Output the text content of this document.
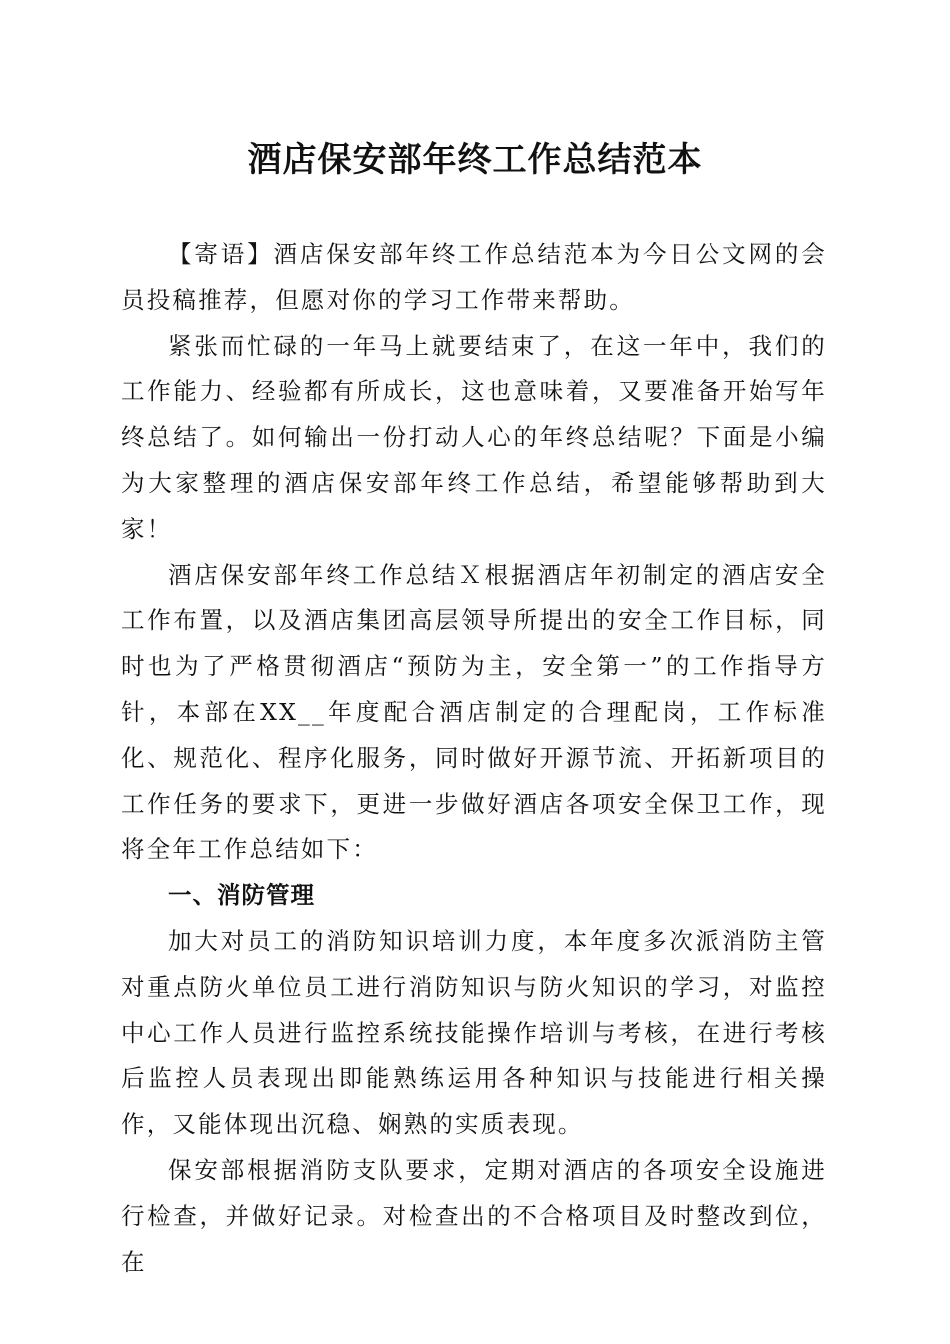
酒店保安部年终工作总结范本

【寄语】酒店保安部年终工作总结范本为今日公文网的会员投稿推荐，但愿对你的学习工作带来帮助。

紧张而忙碌的一年马上就要结束了，在这一年中，我们的工作能力、经验都有所成长，这也意味着，又要准备开始写年终总结了。如何输出一份打动人心的年终总结呢？下面是小编为大家整理的酒店保安部年终工作总结，希望能够帮助到大家！

酒店保安部年终工作总结Ｘ根据酒店年初制定的酒店安全工作布置，以及酒店集团高层领导所提出的安全工作目标，同时也为了严格贯彻酒店“预防为主，安全第一”的工作指导方针，本部在XX__年度配合酒店制定的合理配岗，工作标准化、规范化、程序化服务，同时做好开源节流、开拓新项目的工作任务的要求下，更进一步做好酒店各项安全保卫工作，现将全年工作总结如下：

一、消防管理

加大对员工的消防知识培训力度，本年度多次派消防主管对重点防火单位员工进行消防知识与防火知识的学习，对监控中心工作人员进行监控系统技能操作培训与考核，在进行考核后监控人员表现出即能熟练运用各种知识与技能进行相关操作，又能体现出沉稳、娴熟的实质表现。

保安部根据消防支队要求，定期对酒店的各项安全设施进行检查，并做好记录。对检查出的不合格项目及时整改到位，在
